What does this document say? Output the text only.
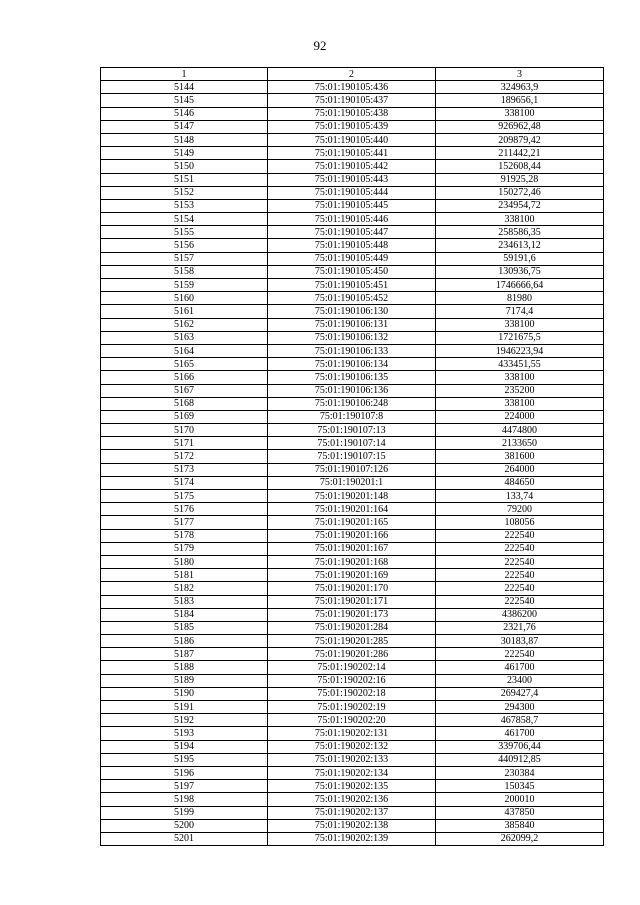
92
1	2	3
5144	75:01:190105:436	324963,9
5145	75:01:190105:437	189656,1
5146	75:01:190105:438	338100
5147	75:01:190105:439	926962,48
5148	75:01:190105:440	209879,42
5149	75:01:190105:441	211442,21
5150	75:01:190105:442	152608,44
5151	75:01:190105:443	91925,28
5152	75:01:190105:444	150272,46
5153	75:01:190105:445	234954,72
5154	75:01:190105:446	338100
5155	75:01:190105:447	258586,35
5156	75:01:190105:448	234613,12
5157	75:01:190105:449	59191,6
5158	75:01:190105:450	130936,75
5159	75:01:190105:451	1746666,64
5160	75:01:190105:452	81980
5161	75:01:190106:130	7174,4
5162	75:01:190106:131	338100
5163	75:01:190106:132	1721675,5
5164	75:01:190106:133	1946223,94
5165	75:01:190106:134	433451,55
5166	75:01:190106:135	338100
5167	75:01:190106:136	235200
5168	75:01:190106:248	338100
5169	75:01:190107:8	224000
5170	75:01:190107:13	4474800
5171	75:01:190107:14	2133650
5172	75:01:190107:15	381600
5173	75:01:190107:126	264000
5174	75:01:190201:1	484650
5175	75:01:190201:148	133,74
5176	75:01:190201:164	79200
5177	75:01:190201:165	108056
5178	75:01:190201:166	222540
5179	75:01:190201:167	222540
5180	75:01:190201:168	222540
5181	75:01:190201:169	222540
5182	75:01:190201:170	222540
5183	75:01:190201:171	222540
5184	75:01:190201:173	4386200
5185	75:01:190201:284	2321,76
5186	75:01:190201:285	30183,87
5187	75:01:190201:286	222540
5188	75:01:190202:14	461700
5189	75:01:190202:16	23400
5190	75:01:190202:18	269427,4
5191	75:01:190202:19	294300
5192	75:01:190202:20	467858,7
5193	75:01:190202:131	461700
5194	75:01:190202:132	339706,44
5195	75:01:190202:133	440912,85
5196	75:01:190202:134	230384
5197	75:01:190202:135	150345
5198	75:01:190202:136	200010
5199	75:01:190202:137	437850
5200	75:01:190202:138	385840
5201	75:01:190202:139	262099,2
